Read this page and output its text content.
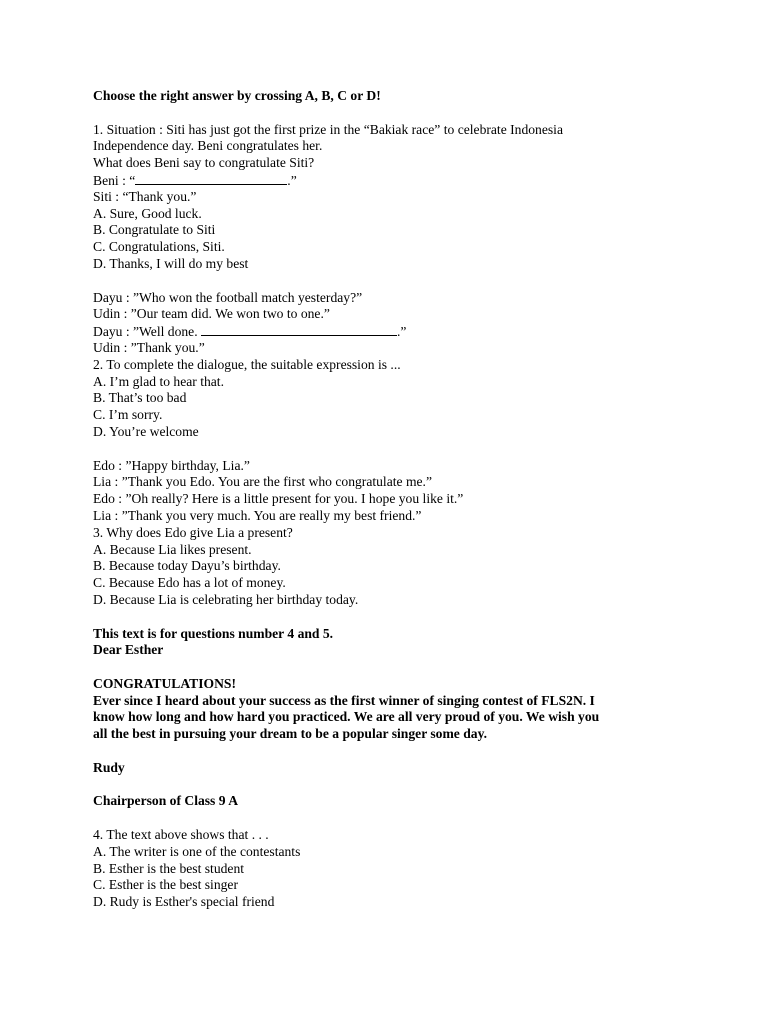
Choose the right answer by crossing A, B, C or D!
1. Situation : Siti has just got the first prize in the “Bakiak race” to celebrate Indonesia
Independence day. Beni congratulates her.
What does Beni say to congratulate Siti?
Beni : “	.”
Siti : “Thank you.”
A. Sure, Good luck.
B. Congratulate to Siti
C. Congratulations, Siti.
D. Thanks, I will do my best
Dayu : ”Who won the football match yesterday?”
Udin : ”Our team did. We won two to one.”
Dayu : ”Well done.	.”
Udin : ”Thank you.”
2. To complete the dialogue, the suitable expression is ...
A. I’m glad to hear that.
B. That’s too bad
C. I’m sorry.
D. You’re welcome
Edo : ”Happy birthday, Lia.”
Lia : ”Thank you Edo. You are the first who congratulate me.”
Edo : ”Oh really? Here is a little present for you. I hope you like it.”
Lia : ”Thank you very much. You are really my best friend.”
3. Why does Edo give Lia a present?
A. Because Lia likes present.
B. Because today Dayu’s birthday.
C. Because Edo has a lot of money.
D. Because Lia is celebrating her birthday today.
This text is for questions number 4 and 5.
Dear Esther
CONGRATULATIONS!
Ever since I heard about your success as the first winner of singing contest of FLS2N. I
know how long and how hard you practiced. We are all very proud of you. We wish you
all the best in pursuing your dream to be a popular singer some day.
Rudy
Chairperson of Class 9 A
4. The text above shows that . . .
A. The writer is one of the contestants
B. Esther is the best student
C. Esther is the best singer
D. Rudy is Esther's special friend
